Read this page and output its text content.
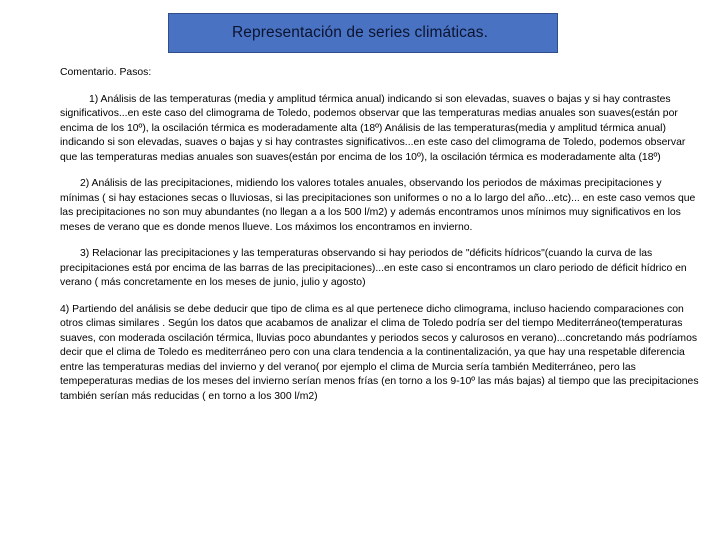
Representación de series climáticas.

Comentario. Pasos:

1) Análisis de las temperaturas (media y amplitud térmica anual) indicando si son elevadas, suaves o bajas y si hay contrastes significativos...en este caso del climograma de Toledo, podemos observar que las temperaturas medias anuales son suaves(están por encima de los 10º), la oscilación térmica es moderadamente alta (18º) Análisis de las temperaturas(media y amplitud térmica anual) indicando si son elevadas, suaves o bajas y si hay contrastes significativos...en este caso del climograma de Toledo, podemos observar que las temperaturas medias anuales son suaves(están por encima de los 10º), la oscilación térmica es moderadamente alta (18º)

2) Análisis de las precipitaciones, midiendo los valores totales anuales, observando los periodos de máximas precipitaciones y mínimas ( si hay estaciones secas o lluviosas, si las precipitaciones son uniformes o no a lo largo del año...etc)... en este caso vemos que las precipitaciones no son muy abundantes (no llegan a a los 500 l/m2) y además encontramos unos mínimos muy significativos en los meses de verano que es donde menos llueve. Los máximos los encontramos en invierno.

3) Relacionar las precipitaciones y las temperaturas observando si hay periodos de "déficits hídricos"(cuando la curva de las precipitaciones está por encima de las barras de las precipitaciones)...en este caso si encontramos un claro periodo de déficit hídrico en verano ( más concretamente en los meses de junio, julio y agosto)

4) Partiendo del análisis se debe deducir que tipo de clima es al que pertenece dicho climograma, incluso haciendo comparaciones con otros climas similares . Según los datos que acabamos de analizar el clima de Toledo podría ser del tiempo Mediterráneo(temperaturas suaves, con moderada oscilación térmica, lluvias poco abundantes y periodos secos y calurosos en verano)...concretando más podríamos decir que el clima de Toledo es mediterráneo pero con una clara tendencia a la continentalización, ya que hay una respetable diferencia entre las temperaturas medias del invierno y del verano( por ejemplo el clima de Murcia sería también Mediterráneo, pero las tempeperaturas medias de los meses del invierno serían menos frías (en torno a los 9-10º las más bajas) al tiempo que las precipitaciones también serían más reducidas ( en torno a los 300 l/m2)
